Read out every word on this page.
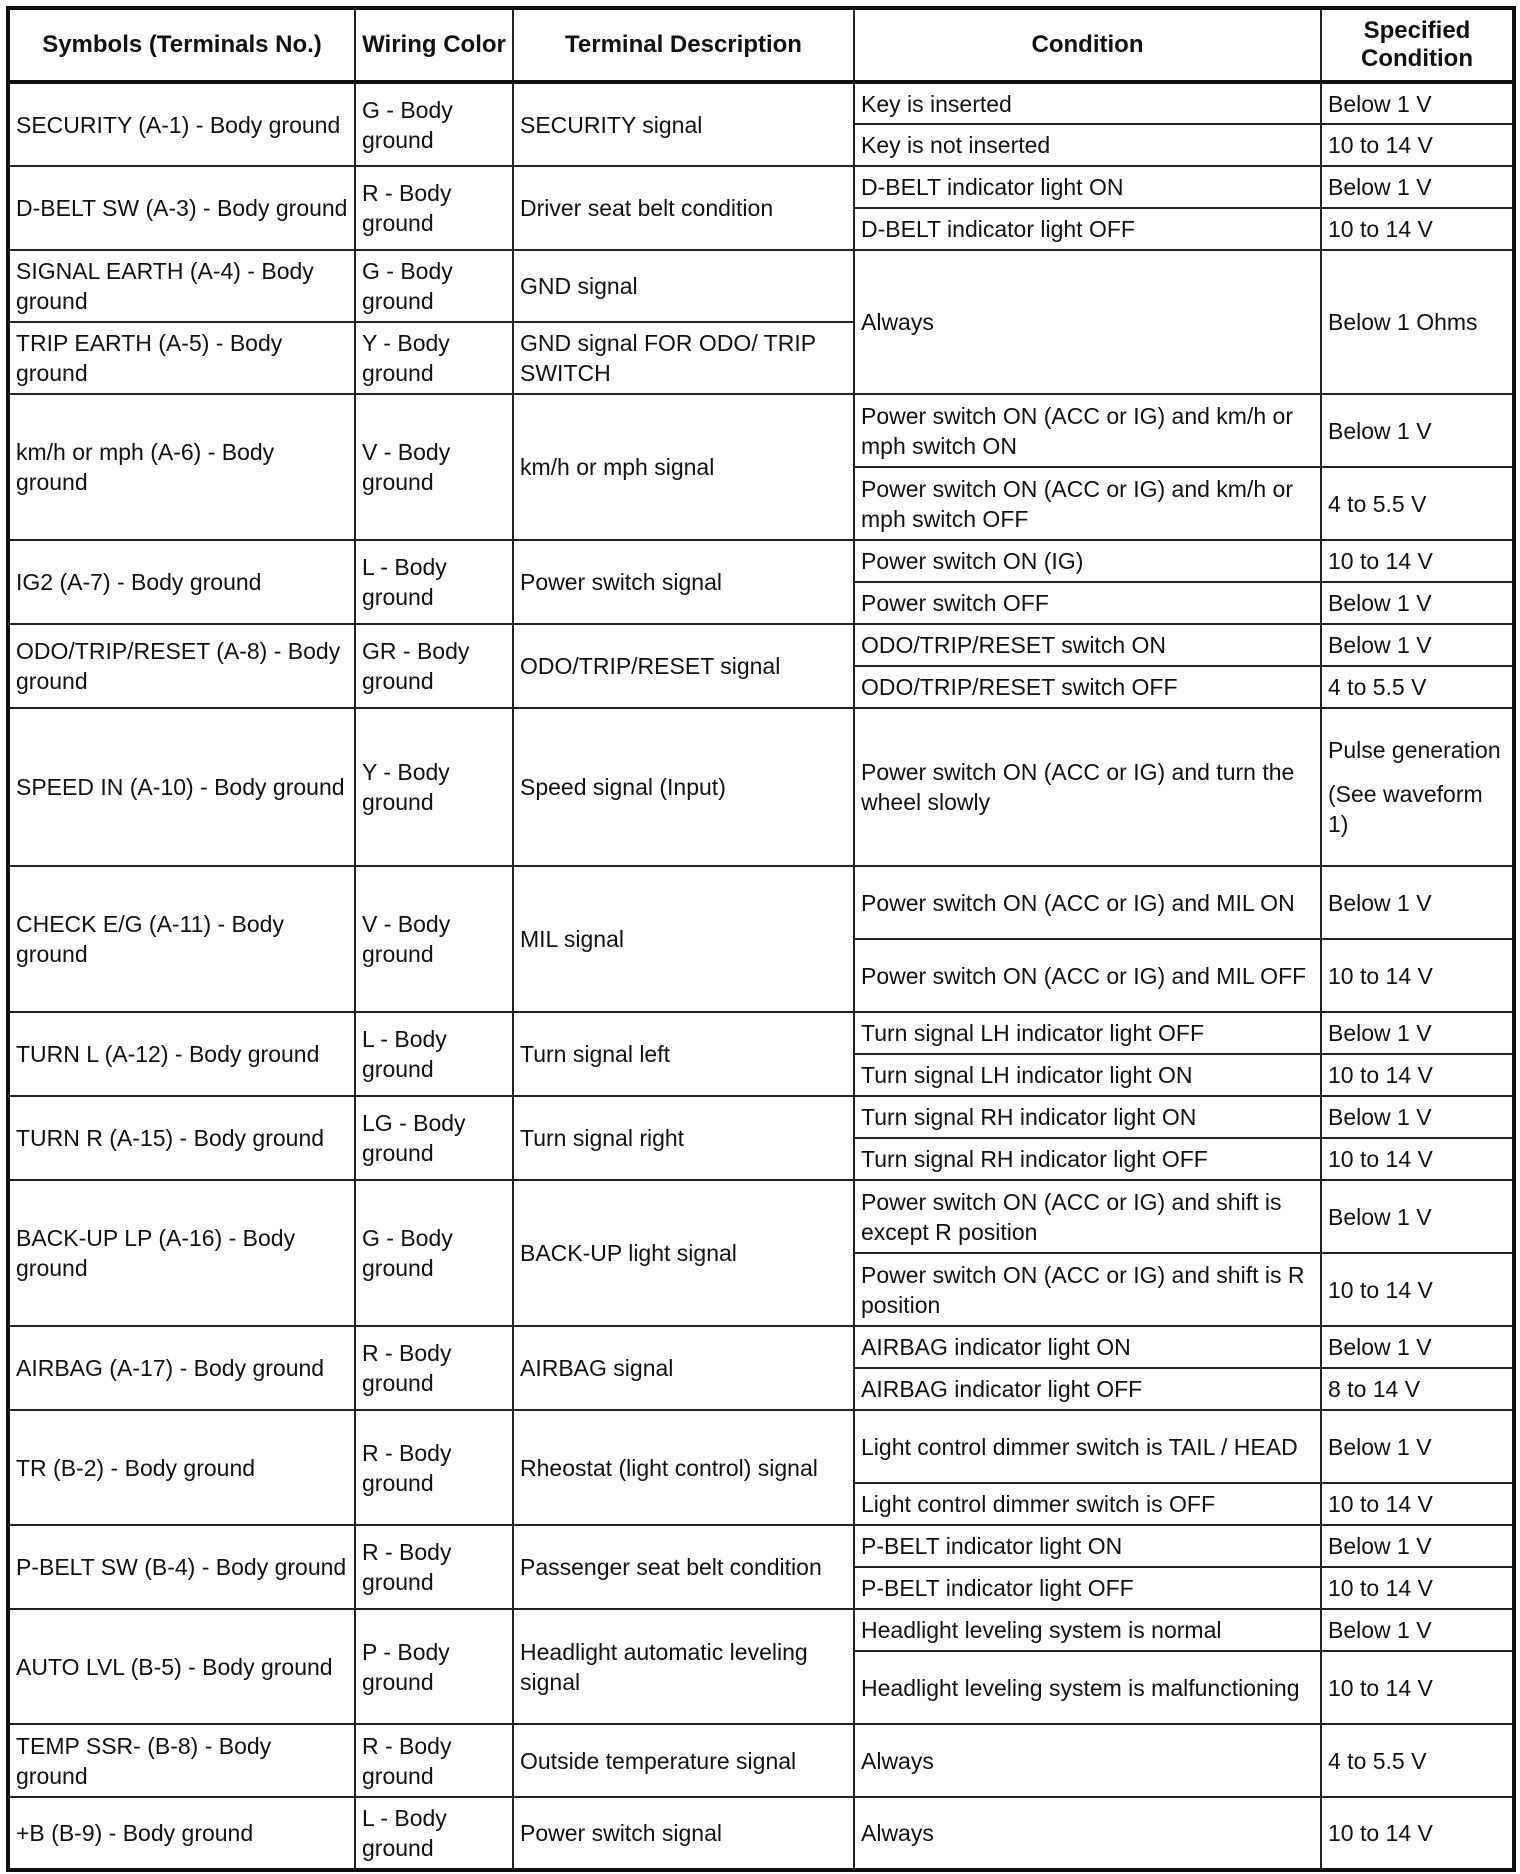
Symbols (Terminals No.)	Wiring Color	Terminal Description	Condition	Specified Condition
SECURITY (A-1) - Body ground	G - Body ground	SECURITY signal	Key is inserted	Below 1 V
			Key is not inserted	10 to 14 V
D-BELT SW (A-3) - Body ground	R - Body ground	Driver seat belt condition	D-BELT indicator light ON	Below 1 V
			D-BELT indicator light OFF	10 to 14 V
SIGNAL EARTH (A-4) - Body ground	G - Body ground	GND signal	Always	Below 1 Ohms
TRIP EARTH (A-5) - Body ground	Y - Body ground	GND signal FOR ODO/ TRIP SWITCH		
km/h or mph (A-6) - Body ground	V - Body ground	km/h or mph signal	Power switch ON (ACC or IG) and km/h or mph switch ON	Below 1 V
			Power switch ON (ACC or IG) and km/h or mph switch OFF	4 to 5.5 V
IG2 (A-7) - Body ground	L - Body ground	Power switch signal	Power switch ON (IG)	10 to 14 V
			Power switch OFF	Below 1 V
ODO/TRIP/RESET (A-8) - Body ground	GR - Body ground	ODO/TRIP/RESET signal	ODO/TRIP/RESET switch ON	Below 1 V
			ODO/TRIP/RESET switch OFF	4 to 5.5 V
SPEED IN (A-10) - Body ground	Y - Body ground	Speed signal (Input)	Power switch ON (ACC or IG) and turn the wheel slowly	Pulse generation

(See waveform 1)

CHECK E/G (A-11) - Body ground	V - Body ground	MIL signal	Power switch ON (ACC or IG) and MIL ON	Below 1 V
			Power switch ON (ACC or IG) and MIL OFF	10 to 14 V
TURN L (A-12) - Body ground	L - Body ground	Turn signal left	Turn signal LH indicator light OFF	Below 1 V
			Turn signal LH indicator light ON	10 to 14 V
TURN R (A-15) - Body ground	LG - Body ground	Turn signal right	Turn signal RH indicator light ON	Below 1 V
			Turn signal RH indicator light OFF	10 to 14 V
BACK-UP LP (A-16) - Body ground	G - Body ground	BACK-UP light signal	Power switch ON (ACC or IG) and shift is except R position	Below 1 V
			Power switch ON (ACC or IG) and shift is R position	10 to 14 V
AIRBAG (A-17) - Body ground	R - Body ground	AIRBAG signal	AIRBAG indicator light ON	Below 1 V
			AIRBAG indicator light OFF	8 to 14 V
TR (B-2) - Body ground	R - Body ground	Rheostat (light control) signal	Light control dimmer switch is TAIL / HEAD	Below 1 V
			Light control dimmer switch is OFF	10 to 14 V
P-BELT SW (B-4) - Body ground	R - Body ground	Passenger seat belt condition	P-BELT indicator light ON	Below 1 V
			P-BELT indicator light OFF	10 to 14 V
AUTO LVL (B-5) - Body ground	P - Body ground	Headlight automatic leveling signal	Headlight leveling system is normal	Below 1 V
			Headlight leveling system is malfunctioning	10 to 14 V
TEMP SSR- (B-8) - Body ground	R - Body ground	Outside temperature signal	Always	4 to 5.5 V
+B (B-9) - Body ground	L - Body ground	Power switch signal	Always	10 to 14 V
